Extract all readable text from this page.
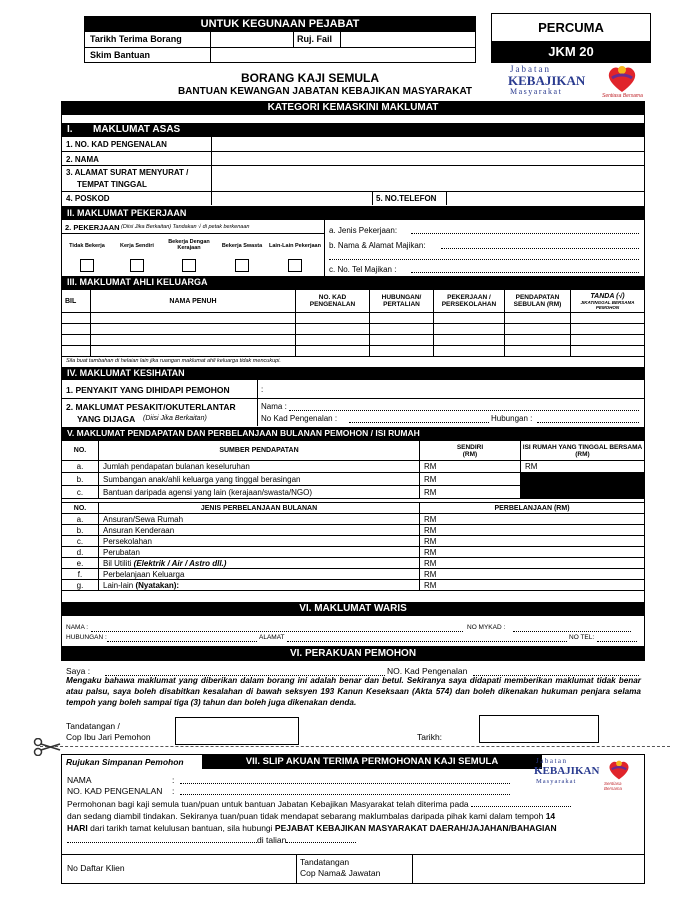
UNTUK KEGUNAAN PEJABAT
Tarikh Terima Borang	Ruj. Fail
Skim Bantuan
PERCUMA
JKM 20
BORANG KAJI SEMULA
BANTUAN KEWANGAN JABATAN KEBAJIKAN MASYARAKAT
Jabatan
KEBAJIKAN
Masyarakat	Sentiasa Bersama
KATEGORI KEMASKINI MAKLUMAT
I. MAKLUMAT ASAS
1. NO. KAD PENGENALAN
2. NAMA
3. ALAMAT SURAT MENYURAT /
TEMPAT TINGGAL
4. POSKOD	5. NO.TELEFON
II. MAKLUMAT PEKERJAAN
2. PEKERJAAN (Diisi Jika Berkaitan) Tandakan √ di petak berkenaan
Tidak Bekerja	Kerja Sendiri
Bekerja Dengan Kerajaan	Bekerja Swasta	Lain-Lain Pekerjaan
a. Jenis Pekerjaan:
b. Nama & Alamat Majikan:
c. No. Tel Majikan :
III. MAKLUMAT AHLI KELUARGA
BIL	NAMA PENUH	NO. KAD PENGENALAN	HUBUNGAN/ PERTALIAN	PEKERJAAN / PERSEKOLAHAN	PENDAPATAN SEBULAN (RM)	TANDA (√)
JIKATINGGAL BERSAMA PEMOHON

Sila buat tambahan di helaian lain jika ruangan maklumat ahli keluarga tidak mencukupi.
IV. MAKLUMAT KESIHATAN
1. PENYAKIT YANG DIHIDAPI PEMOHON	:
2. MAKLUMAT PESAKIT/OKUTERLANTAR
YANG DIJAGA (Diisi Jika Berkaitan)
Nama :
No Kad Pengenalan :	Hubungan :
V. MAKLUMAT PENDAPATAN DAN PERBELANJAAN BULANAN PEMOHON / ISI RUMAH
NO.	SUMBER PENDAPATAN	SENDIRI (RM)	ISI RUMAH YANG TINGGAL BERSAMA (RM)
a.	Jumlah pendapatan bulanan keseluruhan	RM	RM
b.	Sumbangan anak/ahli keluarga yang tinggal berasingan	RM	
c.	Bantuan daripada agensi yang lain (kerajaan/swasta/NGO)	RM	
NO.	JENIS PERBELANJAAN BULANAN	PERBELANJAAN (RM)
a.	Ansuran/Sewa Rumah	RM
b.	Ansuran Kenderaan	RM
c.	Persekolahan	RM
d.	Perubatan	RM
e.	Bil Utiliti (Elektrik / Air / Astro dll.)	RM
f.	Perbelanjaan Keluarga	RM
g.	Lain-lain (Nyatakan):	RM
VI. MAKLUMAT WARIS
NAMA :	NO MYKAD :
HUBUNGAN :	ALAMAT	NO TEL:
VI. PERAKUAN PEMOHON
Saya :	NO. Kad Pengenalan
Mengaku bahawa maklumat yang diberikan dalam borang ini adalah benar dan betul. Sekiranya saya didapati memberikan maklumat tidak benar atau palsu, saya boleh disabitkan kesalahan di bawah seksyen 193 Kanun Keseksaan (Akta 574) dan boleh dikenakan hukuman penjara selama tempoh yang boleh sampai tiga (3) tahun dan boleh juga dikenakan denda.
Tandatangan /
Cop Ibu Jari Pemohon	Tarikh:
Rujukan Simpanan Pemohon	VII. SLIP AKUAN TERIMA PERMOHONAN KAJI SEMULA	Jabatan
KEBAJIKAN
Masyarakat	Sentiasa Bersama
NAMA	:
NO. KAD PENGENALAN :
Permohonan bagi kaji semula tuan/puan untuk bantuan Jabatan Kebajikan Masyarakat telah diterima pada
dan sedang diambil tindakan. Sekiranya tuan/puan tidak mendapat sebarang maklumbalas daripada pihak kami dalam tempoh 14
HARI dari tarikh tamat kelulusan bantuan, sila hubungi PEJABAT KEBAJIKAN MASYARAKAT DAERAH/JAJAHAN/BAHAGIAN
di talian
No Daftar Klien
Tandatangan
Cop Nama& Jawatan
